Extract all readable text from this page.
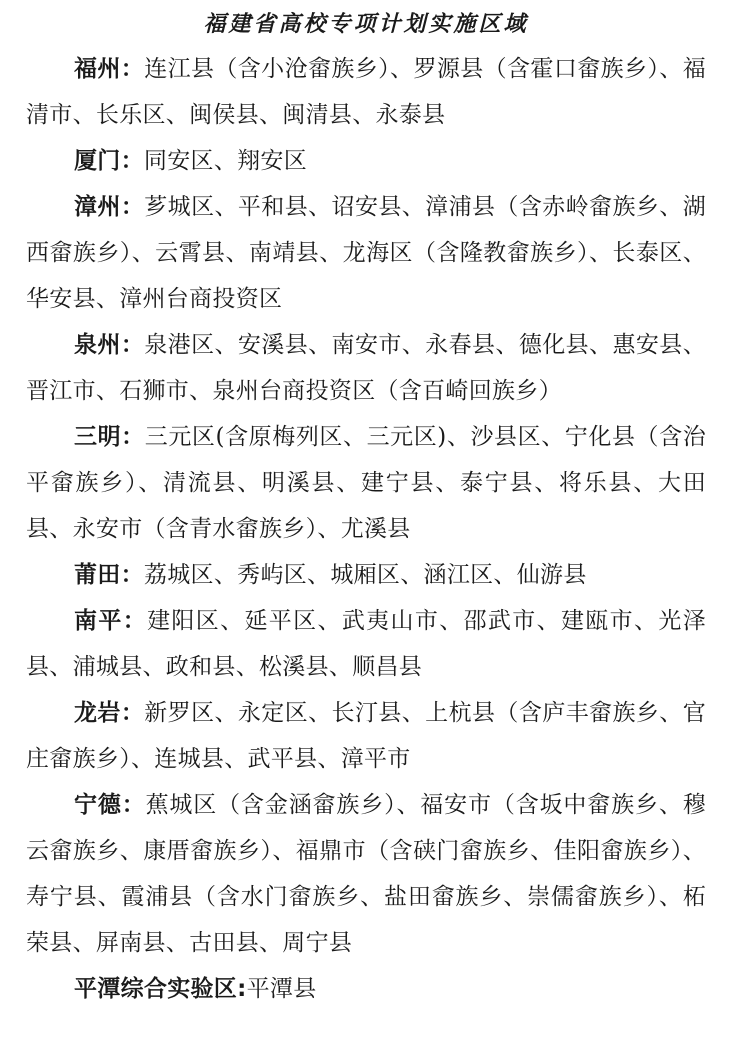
福建省高校专项计划实施区域

福州：连江县（含小沧畲族乡）、罗源县（含霍口畲族乡）、福清市、长乐区、闽侯县、闽清县、永泰县

厦门：同安区、翔安区

漳州：芗城区、平和县、诏安县、漳浦县（含赤岭畲族乡、湖西畲族乡）、云霄县、南靖县、龙海区（含隆教畲族乡）、长泰区、华安县、漳州台商投资区

泉州：泉港区、安溪县、南安市、永春县、德化县、惠安县、晋江市、石狮市、泉州台商投资区（含百崎回族乡）

三明：三元区(含原梅列区、三元区)、沙县区、宁化县（含治平畲族乡）、清流县、明溪县、建宁县、泰宁县、将乐县、大田县、永安市（含青水畲族乡）、尤溪县

莆田：荔城区、秀屿区、城厢区、涵江区、仙游县

南平：建阳区、延平区、武夷山市、邵武市、建瓯市、光泽县、浦城县、政和县、松溪县、顺昌县

龙岩：新罗区、永定区、长汀县、上杭县（含庐丰畲族乡、官庄畲族乡）、连城县、武平县、漳平市

宁德：蕉城区（含金涵畲族乡）、福安市（含坂中畲族乡、穆云畲族乡、康厝畲族乡）、福鼎市（含硖门畲族乡、佳阳畲族乡）、寿宁县、霞浦县（含水门畲族乡、盐田畲族乡、崇儒畲族乡）、柘荣县、屏南县、古田县、周宁县

平潭综合实验区:平潭县
